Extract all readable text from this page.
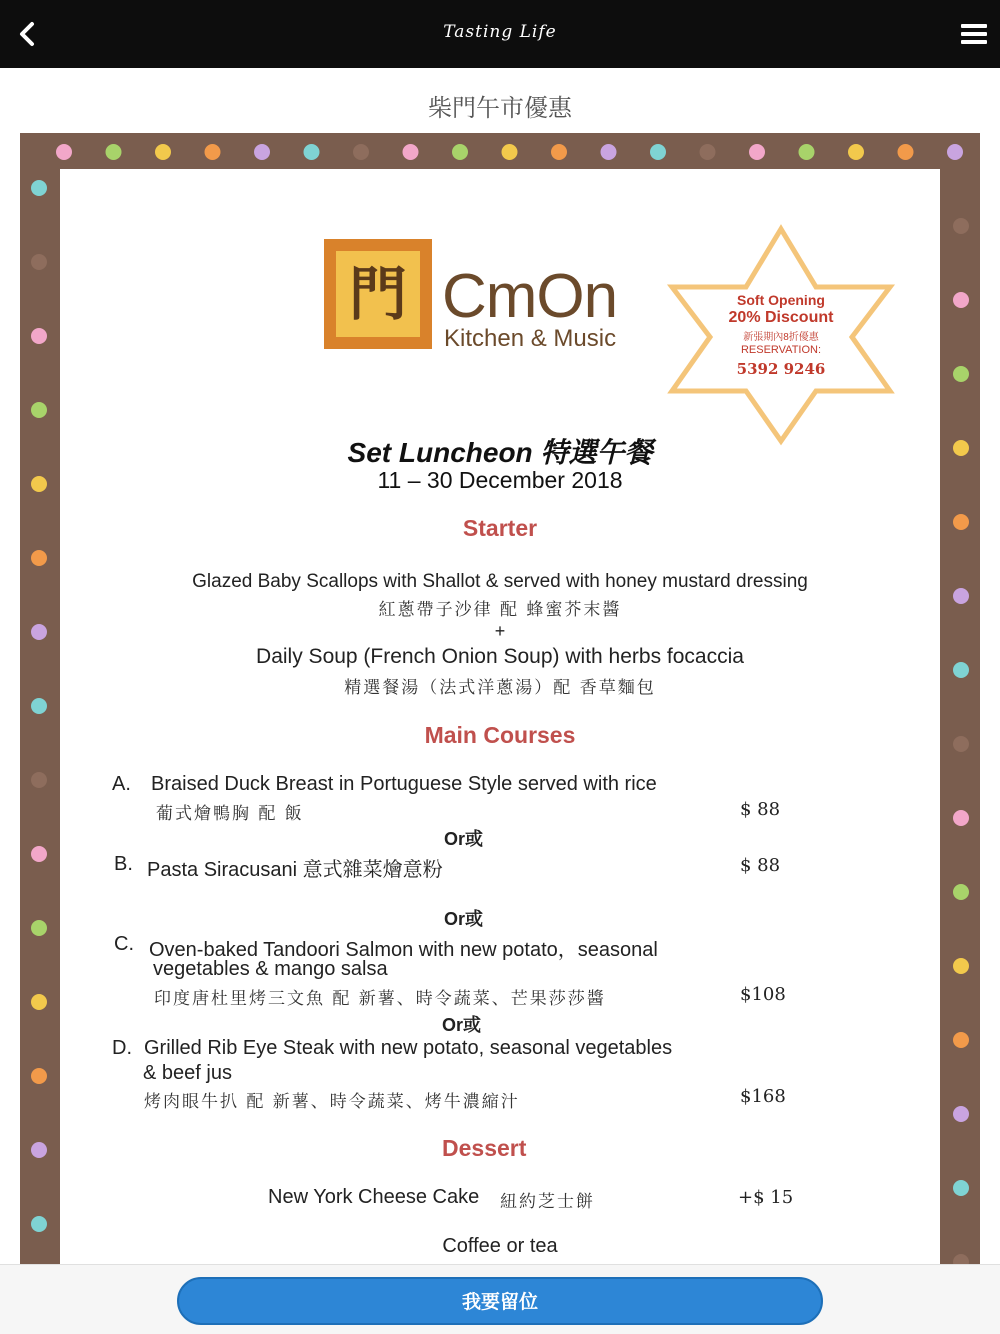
Tasting Life
柴門午市優惠
門 CmOn
Kitchen & Music
Soft Opening
20% Discount
新張期內8折優惠
RESERVATION:
5392 9246
Set Luncheon 特選午餐
11 – 30 December 2018
Starter
Glazed Baby Scallops with Shallot & served with honey mustard dressing
紅蔥帶子沙律 配 蜂蜜芥末醬
+
Daily Soup (French Onion Soup) with herbs focaccia
精選餐湯（法式洋蔥湯）配 香草麵包
Main Courses
A. Braised Duck Breast in Portuguese Style served with rice
葡式燴鴨胸 配 飯	$ 88
Or或
B. Pasta Siracusani 意式雜菜燴意粉	$ 88
Or或
C. Oven-baked Tandoori Salmon with new potato，seasonal
vegetables & mango salsa
印度唐杜里烤三文魚 配 新薯、時令蔬菜、芒果莎莎醬	$108
Or或
D. Grilled Rib Eye Steak with new potato, seasonal vegetables
& beef jus
烤肉眼牛扒 配 新薯、時令蔬菜、烤牛濃縮汁	$168
Dessert
New York Cheese Cake 紐約芝士餅	+$ 15
Coffee or tea
我要留位
